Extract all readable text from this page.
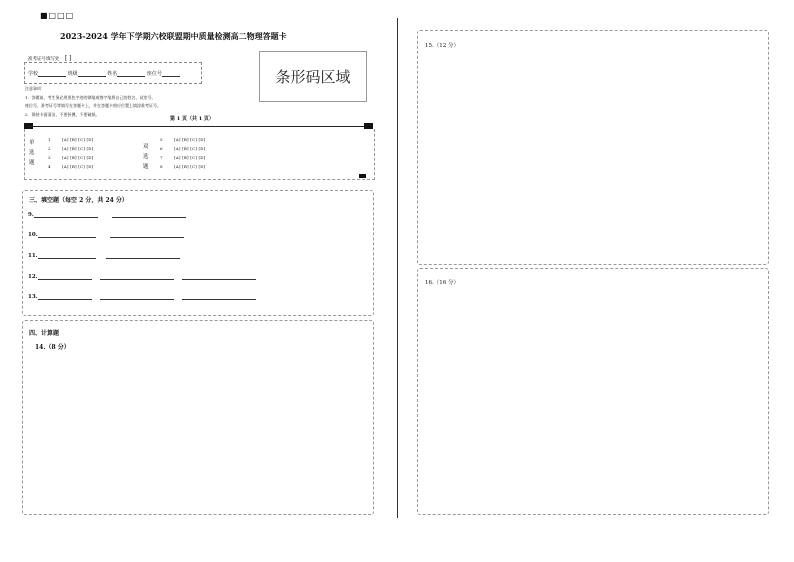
■□□□
2023-2024 学年下学期六校联盟期中质量检测高二物理答题卡
准考证号填写处 [ ]
学校	班级	姓名	座位号	条形码区域
注意事项：
1．答题前，考生务必用黑色字迹的钢笔或签字笔将自己的姓名、试室号、
座位号、准考证号等填写在答题卡上，并在答题卡相应位置上填涂准考证号。
2．保持卡面清洁，不要折叠，不要破损。
第 1 页（共 1 页）
单
选
题
双
选
题
1	[A] [B] [C] [D]
2	[A] [B] [C] [D]
3	[A] [B] [C] [D]
4	[A] [B] [C] [D]
5	[A] [B] [C] [D]
6	[A] [B] [C] [D]
7	[A] [B] [C] [D]
8	[A] [B] [C] [D]
三、填空题（每空 2 分，共 24 分）
9.
10.
11.
12.
13.
四、计算题
14.（8 分）
15.（12 分）
16.（16 分）
